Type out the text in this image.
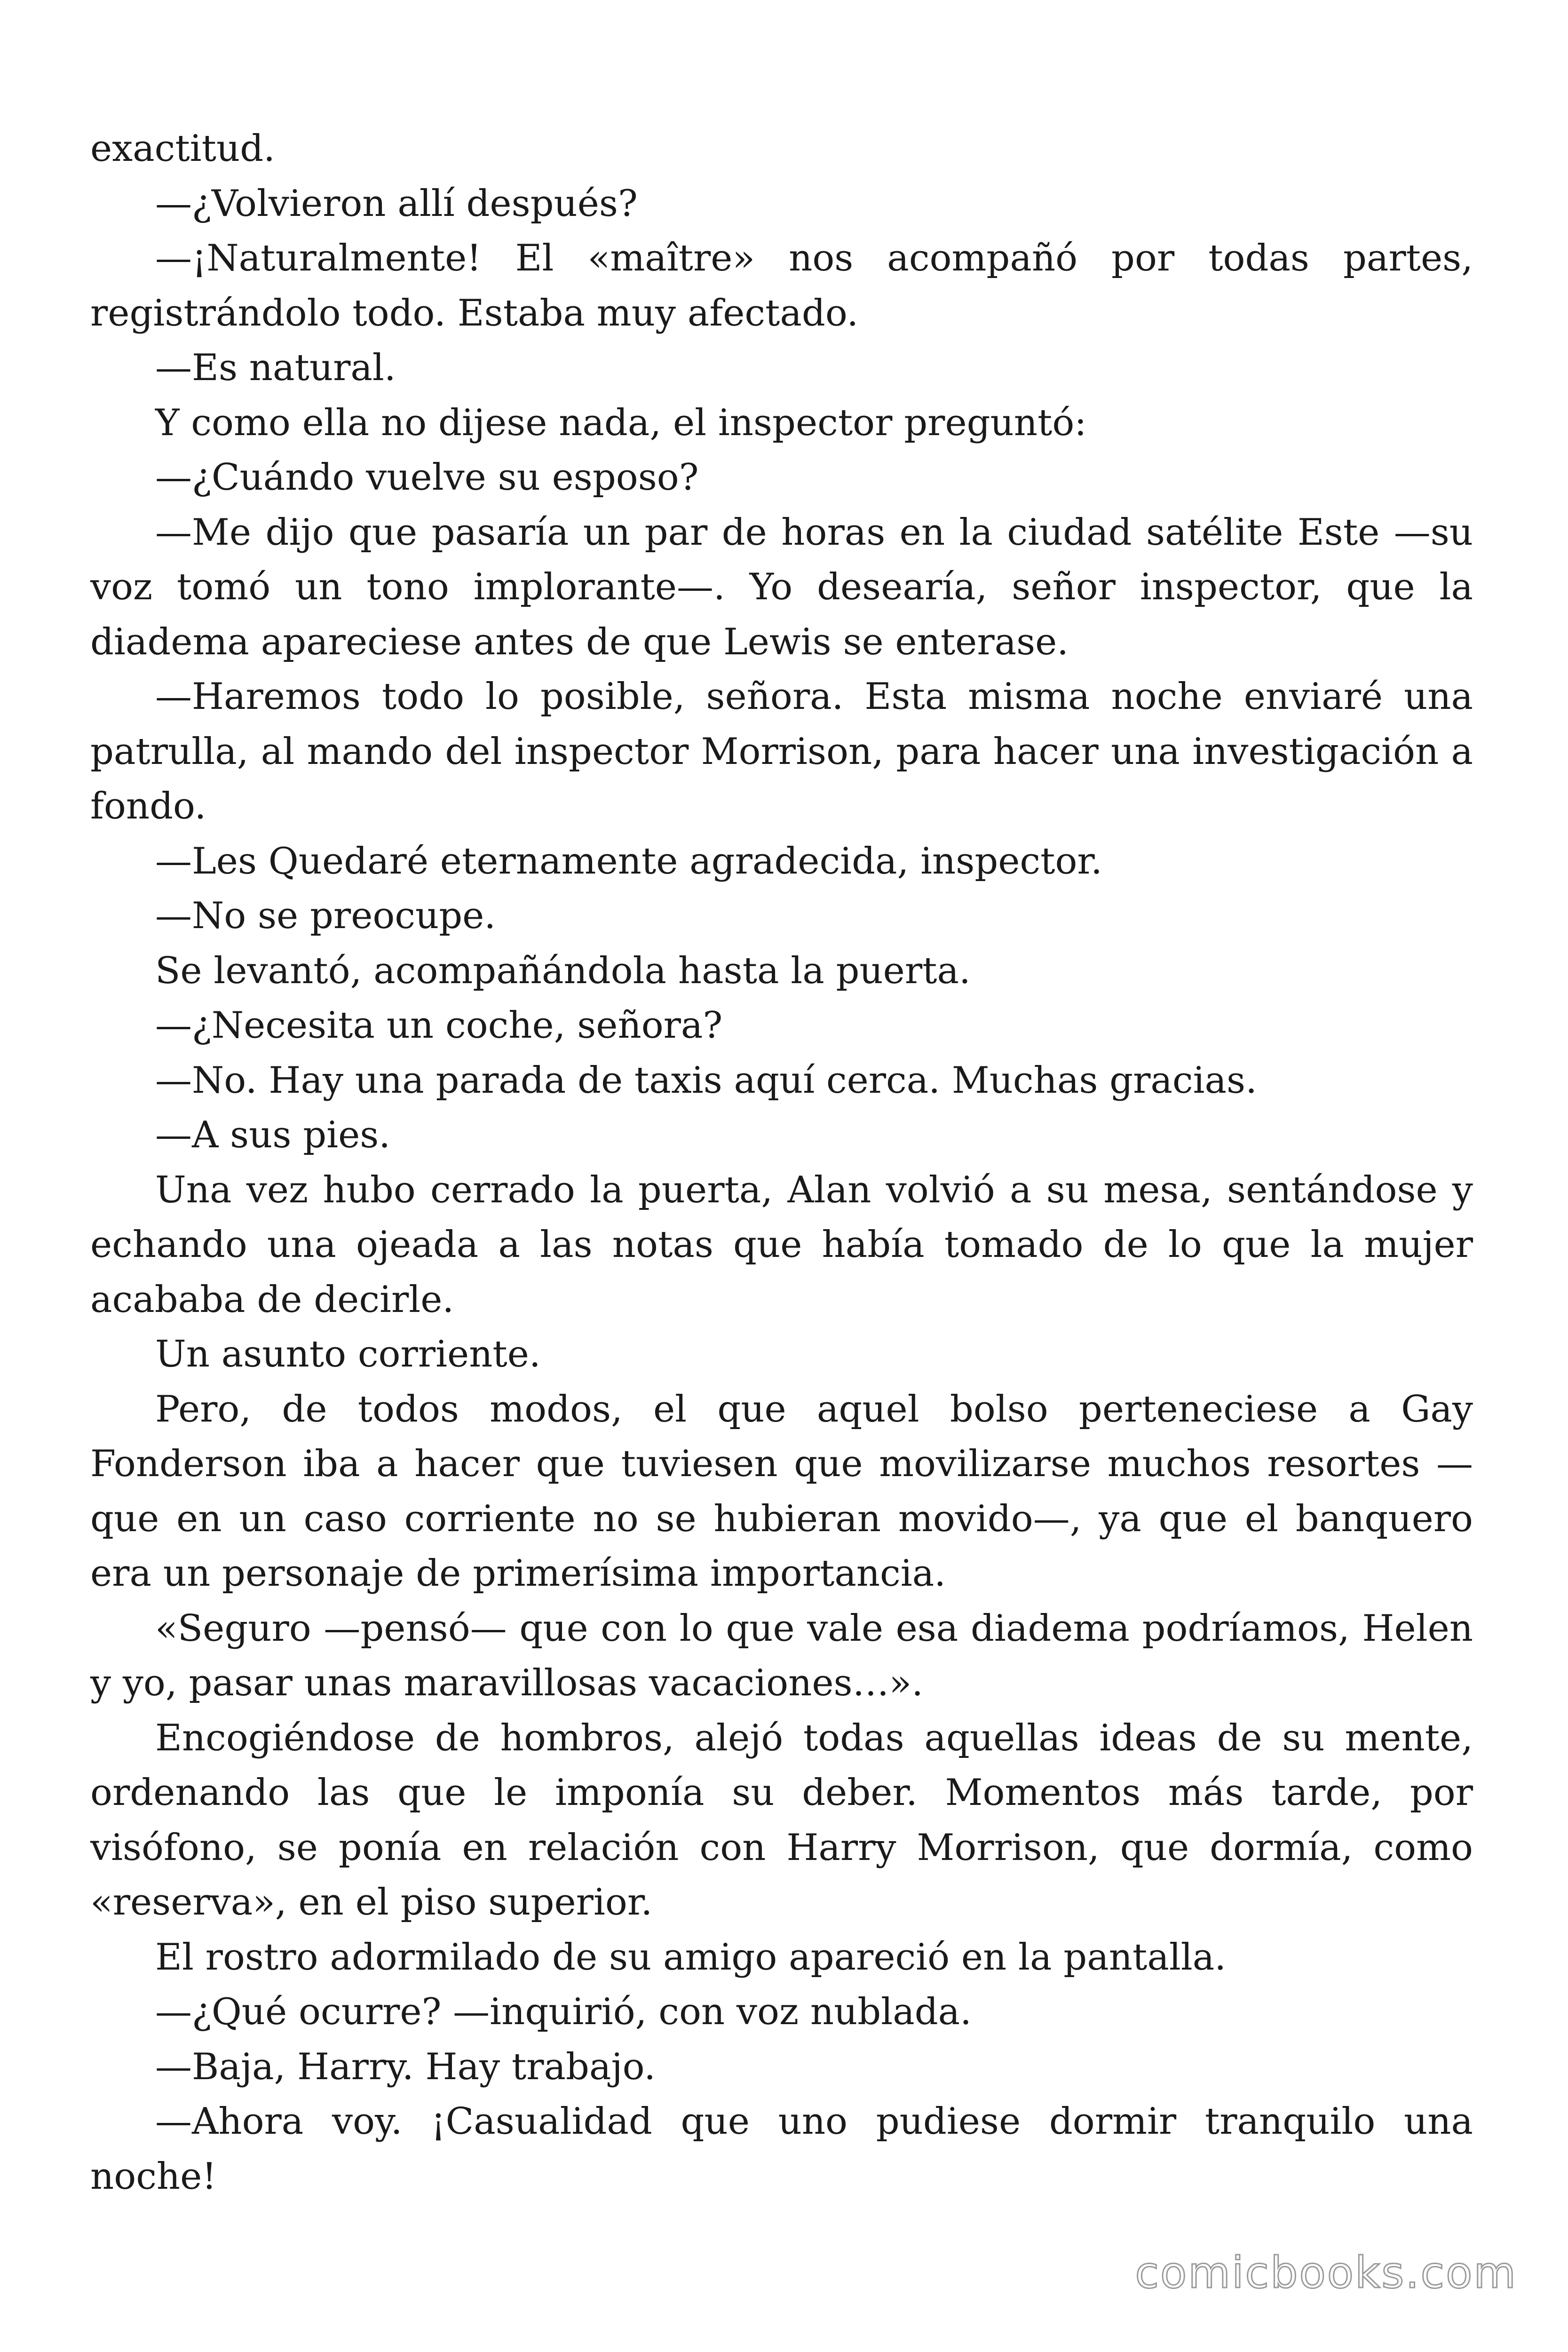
exactitud.

—¿Volvieron allí después?

—¡Naturalmente! El «maître» nos acompañó por todas partes, registrándolo todo. Estaba muy afectado.

—Es natural.

Y como ella no dijese nada, el inspector preguntó:

—¿Cuándo vuelve su esposo?

—Me dijo que pasaría un par de horas en la ciudad satélite Este —su voz tomó un tono implorante—. Yo desearía, señor inspector, que la diadema apareciese antes de que Lewis se enterase.

—Haremos todo lo posible, señora. Esta misma noche enviaré una patrulla, al mando del inspector Morrison, para hacer una investigación a fondo.

—Les Quedaré eternamente agradecida, inspector.

—No se preocupe.

Se levantó, acompañándola hasta la puerta.

—¿Necesita un coche, señora?

—No. Hay una parada de taxis aquí cerca. Muchas gracias.

—A sus pies.

Una vez hubo cerrado la puerta, Alan volvió a su mesa, sentándose y echando una ojeada a las notas que había tomado de lo que la mujer acababa de decirle.

Un asunto corriente.

Pero, de todos modos, el que aquel bolso perteneciese a Gay Fonderson iba a hacer que tuviesen que movilizarse muchos resortes —que en un caso corriente no se hubieran movido—, ya que el banquero era un personaje de primerísima importancia.

«Seguro —pensó— que con lo que vale esa diadema podríamos, Helen y yo, pasar unas maravillosas vacaciones…».

Encogiéndose de hombros, alejó todas aquellas ideas de su mente, ordenando las que le imponía su deber. Momentos más tarde, por visófono, se ponía en relación con Harry Morrison, que dormía, como «reserva», en el piso superior.

El rostro adormilado de su amigo apareció en la pantalla.

—¿Qué ocurre? —inquirió, con voz nublada.

—Baja, Harry. Hay trabajo.

—Ahora voy. ¡Casualidad que uno pudiese dormir tranquilo una noche!

comicbooks.com
